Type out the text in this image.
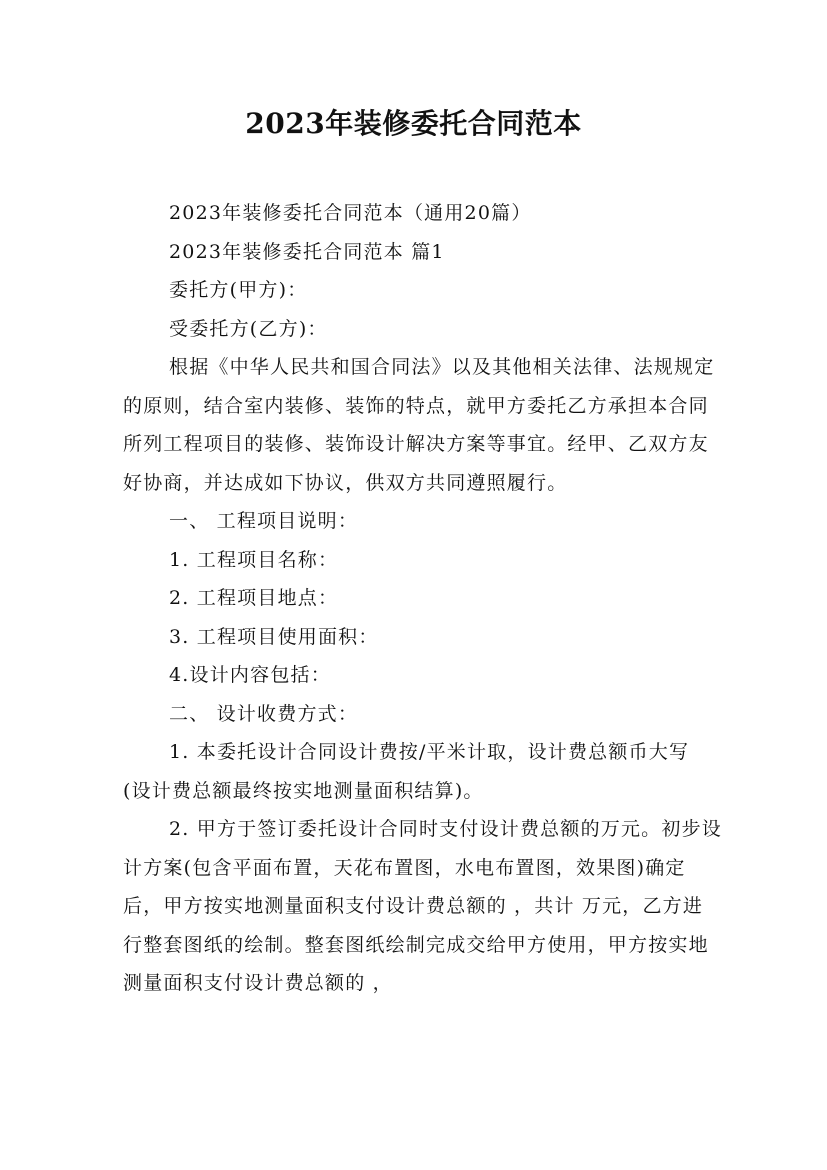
2023年装修委托合同范本

2023年装修委托合同范本（通用20篇）

2023年装修委托合同范本 篇1

委托方(甲方)：

受委托方(乙方)：

根据《中华人民共和国合同法》以及其他相关法律、法规规定的原则，结合室内装修、装饰的特点，就甲方委托乙方承担本合同所列工程项目的装修、装饰设计解决方案等事宜。经甲、乙双方友好协商，并达成如下协议，供双方共同遵照履行。

一、 工程项目说明：

1. 工程项目名称：

2. 工程项目地点：

3. 工程项目使用面积：

4.设计内容包括：

二、 设计收费方式：

1. 本委托设计合同设计费按/平米计取，设计费总额币大写 (设计费总额最终按实地测量面积结算)。

2. 甲方于签订委托设计合同时支付设计费总额的万元。初步设计方案(包含平面布置，天花布置图，水电布置图，效果图)确定后，甲方按实地测量面积支付设计费总额的 ，共计 万元，乙方进行整套图纸的绘制。整套图纸绘制完成交给甲方使用，甲方按实地测量面积支付设计费总额的 ，
